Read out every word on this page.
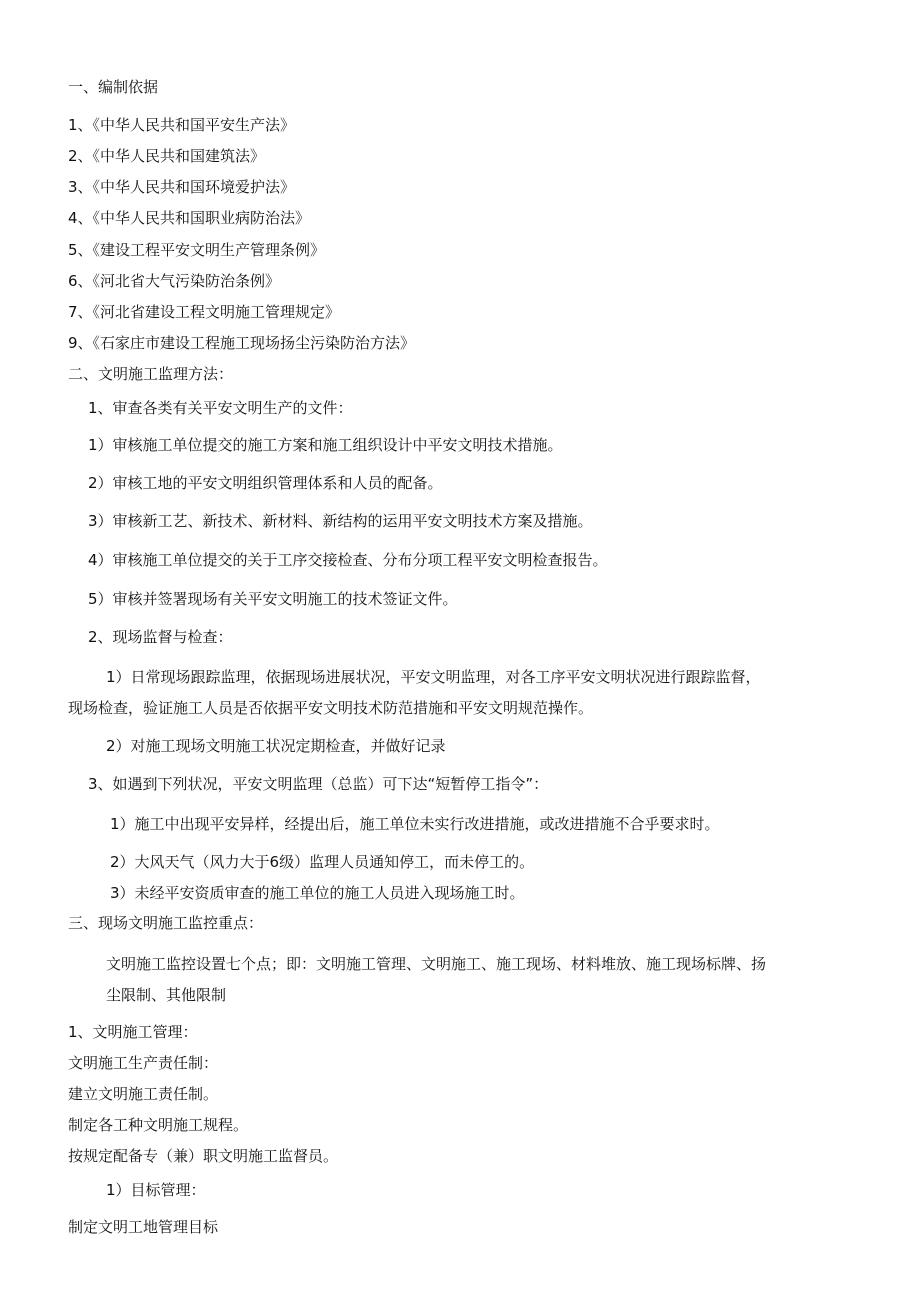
一、编制依据
1、《中华人民共和国平安生产法》
2、《中华人民共和国建筑法》
3、《中华人民共和国环境爱护法》
4、《中华人民共和国职业病防治法》
5、《建设工程平安文明生产管理条例》
6、《河北省大气污染防治条例》
7、《河北省建设工程文明施工管理规定》
9、《石家庄市建设工程施工现场扬尘污染防治方法》
二、文明施工监理方法：
1、审查各类有关平安文明生产的文件：
1）审核施工单位提交的施工方案和施工组织设计中平安文明技术措施。
2）审核工地的平安文明组织管理体系和人员的配备。
3）审核新工艺、新技术、新材料、新结构的运用平安文明技术方案及措施。
4）审核施工单位提交的关于工序交接检查、分布分项工程平安文明检查报告。
5）审核并签署现场有关平安文明施工的技术签证文件。
2、现场监督与检查：
1）日常现场跟踪监理，依据现场进展状况，平安文明监理，对各工序平安文明状况进行跟踪监督，
现场检查，验证施工人员是否依据平安文明技术防范措施和平安文明规范操作。
2）对施工现场文明施工状况定期检查，并做好记录
3、如遇到下列状况，平安文明监理（总监）可下达“短暂停工指令”：
1）施工中出现平安异样，经提出后，施工单位未实行改进措施，或改进措施不合乎要求时。
2）大风天气（风力大于6级）监理人员通知停工，而未停工的。
3）未经平安资质审查的施工单位的施工人员进入现场施工时。
三、现场文明施工监控重点：
文明施工监控设置七个点；即：文明施工管理、文明施工、施工现场、材料堆放、施工现场标牌、扬
尘限制、其他限制
1、文明施工管理：
文明施工生产责任制：
建立文明施工责任制。
制定各工种文明施工规程。
按规定配备专（兼）职文明施工监督员。
1）目标管理：
制定文明工地管理目标
